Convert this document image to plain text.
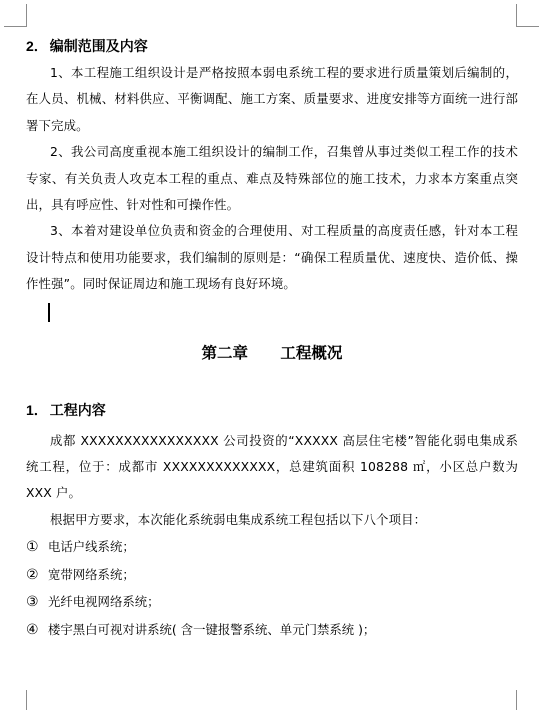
2． 编制范围及内容

1、本工程施工组织设计是严格按照本弱电系统工程的要求进行质量策划后编制的，在人员、机械、材料供应、平衡调配、施工方案、质量要求、进度安排等方面统一进行部署下完成。

2、我公司高度重视本施工组织设计的编制工作，召集曾从事过类似工程工作的技术专家、有关负责人攻克本工程的重点、难点及特殊部位的施工技术，力求本方案重点突出，具有呼应性、针对性和可操作性。

3、本着对建设单位负责和资金的合理使用、对工程质量的高度责任感，针对本工程设计特点和使用功能要求，我们编制的原则是：“确保工程质量优、速度快、造价低、操作性强”。同时保证周边和施工现场有良好环境。

第二章      工程概况
1． 工程内容

成都 XXXXXXXXXXXXXXXX 公司投资的“XXXXX 高层住宅楼”智能化弱电集成系统工程，位于：成都市 XXXXXXXXXXXXX，总建筑面积 108288 ㎡，小区总户数为XXX 户。

根据甲方要求，本次能化系统弱电集成系统工程包括以下八个项目：

① 电话户线系统；
② 宽带网络系统；
③ 光纤电视网络系统；
④ 楼宇黑白可视对讲系统( 含一键报警系统、单元门禁系统 )；
